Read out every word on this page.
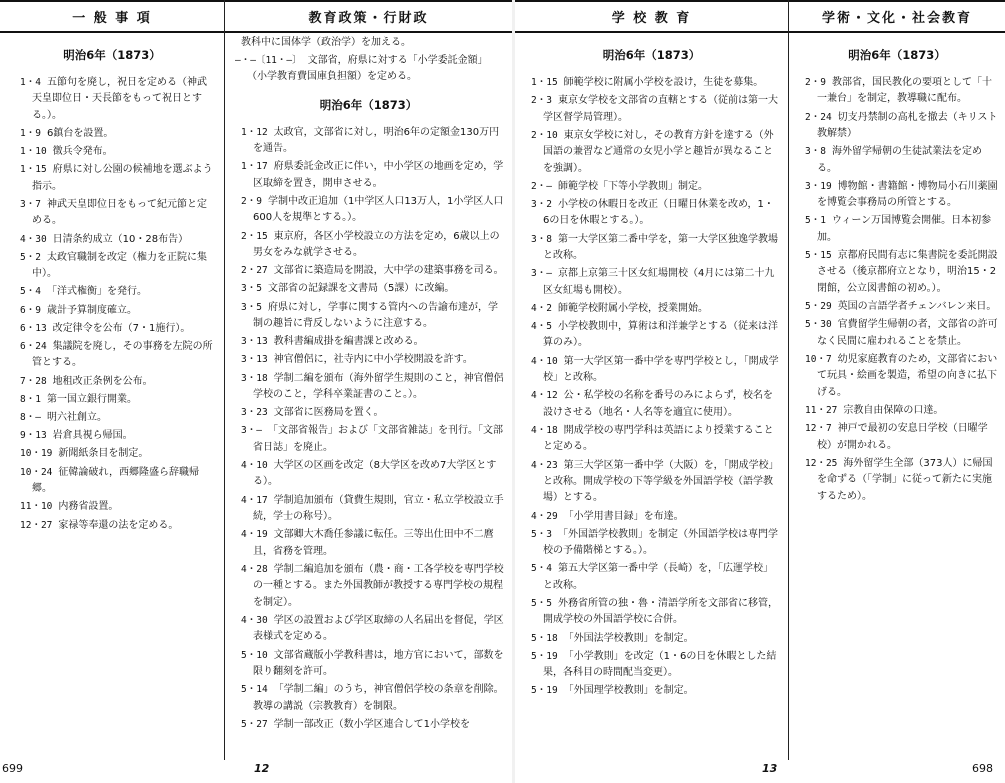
一 般 事 項
明治6年（1873）
1・4 五節句を廃し，祝日を定める（神武天皇即位日・天長節をもって祝日とする。）。
1・9 6鎮台を設置。
1・10 徴兵令発布。
1・15 府県に対し公園の候補地を選ぶよう指示。
3・7 神武天皇即位日をもって紀元節と定める。
4・30 日清条約成立（10・28布告）
5・2 太政官職制を改定（権力を正院に集中）。
5・4 「洋式権衡」を発行。
6・9 歳計予算制度確立。
6・13 改定律令を公布（7・1施行）。
6・24 集議院を廃し，その事務を左院の所管とする。
7・28 地租改正条例を公布。
8・1 第一国立銀行開業。
8・― 明六社創立。
9・13 岩倉具視ら帰国。
10・19 新聞紙条目を制定。
10・24 征韓論破れ，西郷隆盛ら辞職帰郷。
11・10 内務省設置。
12・27 家禄等奉還の法を定める。
教育政策・行財政
教科中に国体学（政治学）を加える。
―・―〔11・―〕 文部省，府県に対する「小学委託金額」（小学教育費国庫負担額）を定める。
明治6年（1873）
1・12 太政官，文部省に対し，明治6年の定額金130万円を通告。
1・17 府県委託金改正に伴い，中小学区の地画を定め，学区取締を置き，開申させる。
2・9 学制中改正追加（1中学区人口13万人，1小学区人口600人を規準とする。）。
2・15 東京府，各区小学校設立の方法を定め，6歳以上の男女をみな就学させる。
2・27 文部省に築造局を開設，大中学の建築事務を司る。
3・5 文部省の記録課を文書局（5課）に改編。
3・5 府県に対し，学事に関する管内への告諭布達が，学制の趣旨に背反しないように注意する。
3・13 教科書編成掛を編書課と改める。
3・13 神官僧侶に，社寺内に中小学校開設を許す。
3・18 学制二編を頒布（海外留学生規則のこと，神官僧侶学校のこと，学科卒業証書のこと。）。
3・23 文部省に医務局を置く。
3・― 「文部省報告」および「文部省雑誌」を刊行。「文部省日誌」を廃止。
4・10 大学区の区画を改定（8大学区を改め7大学区とする）。
4・17 学制追加頒布（貸費生規則，官立・私立学校設立手続，学士の称号）。
4・19 文部卿大木喬任参議に転任。三等出仕田中不二麿且，省務を管理。
4・28 学制二編追加を頒布（農・商・工各学校を専門学校の一種とする。また外国教師が教授する専門学校の規程を制定）。
4・30 学区の設置および学区取締の人名届出を督促，学区表様式を定める。
5・10 文部省蔵版小学教科書は，地方官において，部数を限り翻刻を許可。
5・14 「学制二編」のうち，神官僧侶学校の条章を削除。教導の講説（宗教教育）を制限。
5・27 学制一部改正（数小学区連合して1小学校を
学 校 教 育
明治6年（1873）
1・15 師範学校に附属小学校を設け，生徒を募集。
2・3 東京女学校を文部省の直轄とする（従前は第一大学区督学局管理）。
2・10 東京女学校に対し，その教育方針を達する（外国語の兼習など通常の女児小学と趣旨が異なることを強調）。
2・― 師範学校「下等小学教則」制定。
3・2 小学校の休暇日を改正（日曜日休業を改め，1・6の日を休暇とする。）。
3・8 第一大学区第二番中学を，第一大学区独逸学教場と改称。
3・― 京都上京第三十区女紅場開校（4月には第二十九区女紅場も開校）。
4・2 師範学校附属小学校，授業開始。
4・5 小学校教則中，算術は和洋兼学とする（従来は洋算のみ）。
4・10 第一大学区第一番中学を専門学校とし，「開成学校」と改称。
4・12 公・私学校の名称を番号のみによらず，校名を設けさせる（地名・人名等を適宜に使用）。
4・18 開成学校の専門学科は英語により授業することと定める。
4・23 第三大学区第一番中学（大阪）を，「開成学校」と改称。開成学校の下等学級を外国語学校（語学教場）とする。
4・29 「小学用書目録」を布達。
5・3 「外国語学校教則」を制定（外国語学校は専門学校の予備階梯とする。）。
5・4 第五大学区第一番中学（長崎）を，「広運学校」と改称。
5・5 外務省所管の独・魯・清語学所を文部省に移管，開成学校の外国語学校に合併。
5・18 「外国法学校教則」を制定。
5・19 「小学教則」を改定（1・6の日を休暇とした結果，各科目の時間配当変更）。
5・19 「外国理学校教則」を制定。
学術・文化・社会教育
明治6年（1873）
2・9 教部省，国民教化の要項として「十一兼台」を制定，教導職に配布。
2・24 切支丹禁制の高札を撤去（キリスト教解禁）
3・8 海外留学帰朝の生徒試業法を定める。
3・19 博物館・書籍館・博物局小石川薬園を博覧会事務局の所管とする。
5・1 ウィーン万国博覧会開催。日本初参加。
5・15 京都府民間有志に集書院を委託開設させる（後京都府立となり，明治15・2閉館，公立図書館の初め。）。
5・29 英国の言語学者チェンバレン来日。
5・30 官費留学生帰朝の者，文部省の許可なく民間に雇われることを禁止。
10・7 幼児家庭教育のため，文部省において玩具・絵画を製造，希望の向きに払下げる。
11・27 宗教自由保障の口達。
12・7 神戸で最初の安息日学校（日曜学校）が開かれる。
12・25 海外留学生全部（373人）に帰国を命ずる（「学制」に従って新たに実施するため）。
699	12	13	698
